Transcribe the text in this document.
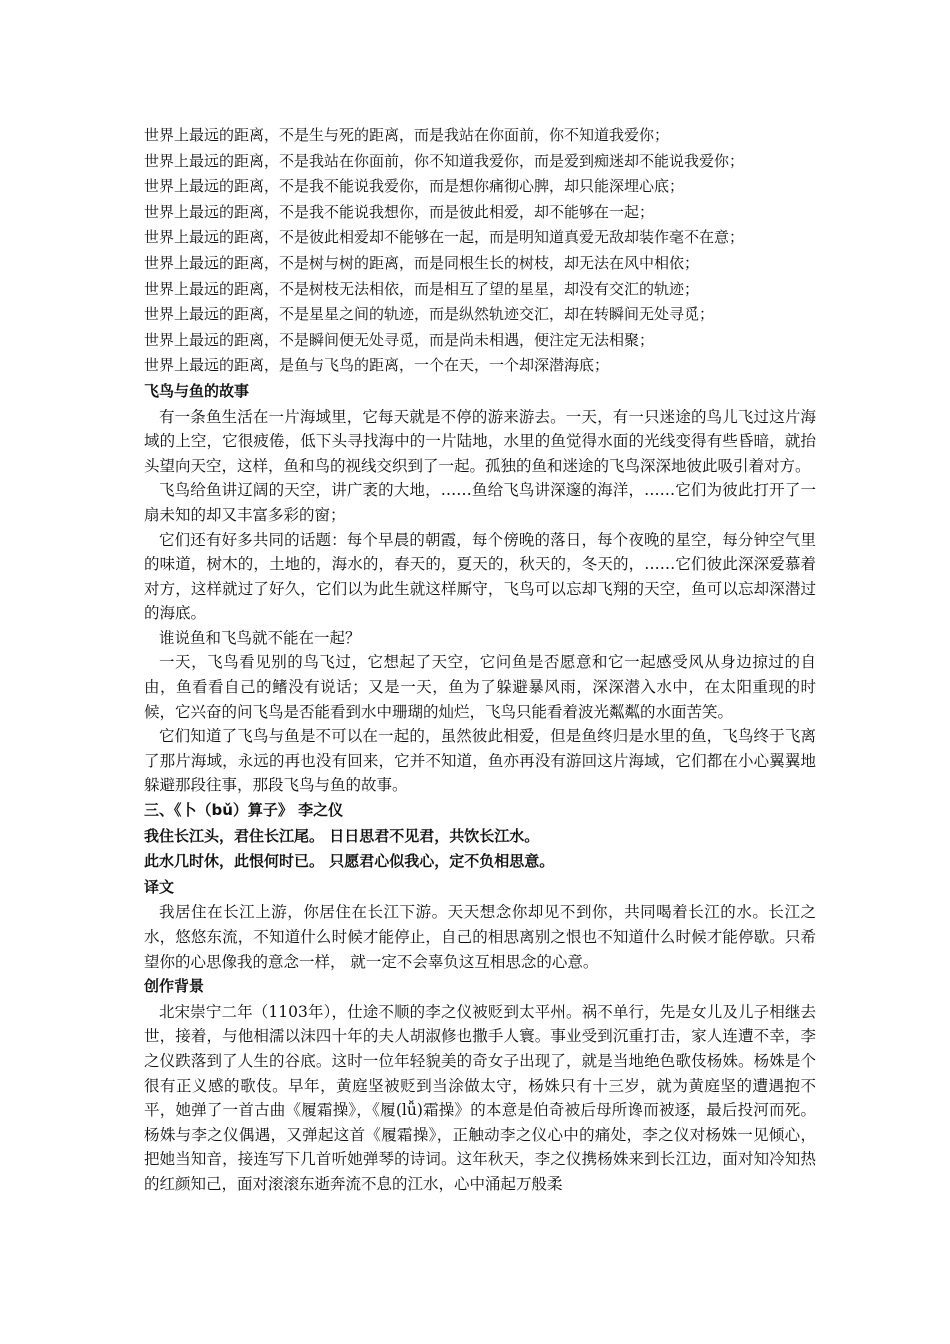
世界上最远的距离，不是生与死的距离，而是我站在你面前，你不知道我爱你；
世界上最远的距离，不是我站在你面前，你不知道我爱你，而是爱到痴迷却不能说我爱你；
世界上最远的距离，不是我不能说我爱你，而是想你痛彻心脾，却只能深埋心底；
世界上最远的距离，不是我不能说我想你，而是彼此相爱，却不能够在一起；
世界上最远的距离，不是彼此相爱却不能够在一起，而是明知道真爱无敌却装作毫不在意；
世界上最远的距离，不是树与树的距离，而是同根生长的树枝，却无法在风中相依；
世界上最远的距离，不是树枝无法相依，而是相互了望的星星，却没有交汇的轨迹；
世界上最远的距离，不是星星之间的轨迹，而是纵然轨迹交汇，却在转瞬间无处寻觅；
世界上最远的距离，不是瞬间便无处寻觅，而是尚未相遇，便注定无法相聚；
世界上最远的距离，是鱼与飞鸟的距离，一个在天，一个却深潜海底；
飞鸟与鱼的故事

有一条鱼生活在一片海域里，它每天就是不停的游来游去。一天，有一只迷途的鸟儿飞过这片海域的上空，它很疲倦，低下头寻找海中的一片陆地，水里的鱼觉得水面的光线变得有些昏暗，就抬头望向天空，这样，鱼和鸟的视线交织到了一起。孤独的鱼和迷途的飞鸟深深地彼此吸引着对方。

飞鸟给鱼讲辽阔的天空，讲广袤的大地，……鱼给飞鸟讲深邃的海洋，……它们为彼此打开了一扇未知的却又丰富多彩的窗；

它们还有好多共同的话题：每个早晨的朝霞，每个傍晚的落日，每个夜晚的星空，每分钟空气里的味道，树木的，土地的，海水的，春天的，夏天的，秋天的，冬天的，……它们彼此深深爱慕着对方，这样就过了好久，它们以为此生就这样厮守，飞鸟可以忘却飞翔的天空，鱼可以忘却深潜过的海底。

谁说鱼和飞鸟就不能在一起？

一天，飞鸟看见别的鸟飞过，它想起了天空，它问鱼是否愿意和它一起感受风从身边掠过的自由，鱼看看自己的鳍没有说话；又是一天，鱼为了躲避暴风雨，深深潜入水中，在太阳重现的时候，它兴奋的问飞鸟是否能看到水中珊瑚的灿烂，飞鸟只能看着波光粼粼的水面苦笑。

它们知道了飞鸟与鱼是不可以在一起的，虽然彼此相爱，但是鱼终归是水里的鱼，飞鸟终于飞离了那片海域，永远的再也没有回来，它并不知道，鱼亦再没有游回这片海域，它们都在小心翼翼地躲避那段往事，那段飞鸟与鱼的故事。

三、《卜（bǔ）算子》 李之仪
我住长江头，君住长江尾。 日日思君不见君，共饮长江水。
此水几时休，此恨何时已。 只愿君心似我心，定不负相思意。
译文

我居住在长江上游，你居住在长江下游。天天想念你却见不到你，共同喝着长江的水。长江之水，悠悠东流，不知道什么时候才能停止，自己的相思离别之恨也不知道什么时候才能停歇。只希望你的心思像我的意念一样， 就一定不会辜负这互相思念的心意。

创作背景

北宋崇宁二年（1103年），仕途不顺的李之仪被贬到太平州。祸不单行，先是女儿及儿子相继去世，接着，与他相濡以沫四十年的夫人胡淑修也撒手人寰。事业受到沉重打击，家人连遭不幸，李之仪跌落到了人生的谷底。这时一位年轻貌美的奇女子出现了，就是当地绝色歌伎杨姝。杨姝是个很有正义感的歌伎。早年，黄庭坚被贬到当涂做太守，杨姝只有十三岁，就为黄庭坚的遭遇抱不平，她弹了一首古曲《履霜操》，《履(lǚ)霜操》的本意是伯奇被后母所谗而被逐，最后投河而死。杨姝与李之仪偶遇，又弹起这首《履霜操》，正触动李之仪心中的痛处，李之仪对杨姝一见倾心，把她当知音，接连写下几首听她弹琴的诗词。这年秋天，李之仪携杨姝来到长江边，面对知冷知热的红颜知己，面对滚滚东逝奔流不息的江水，心中涌起万般柔
